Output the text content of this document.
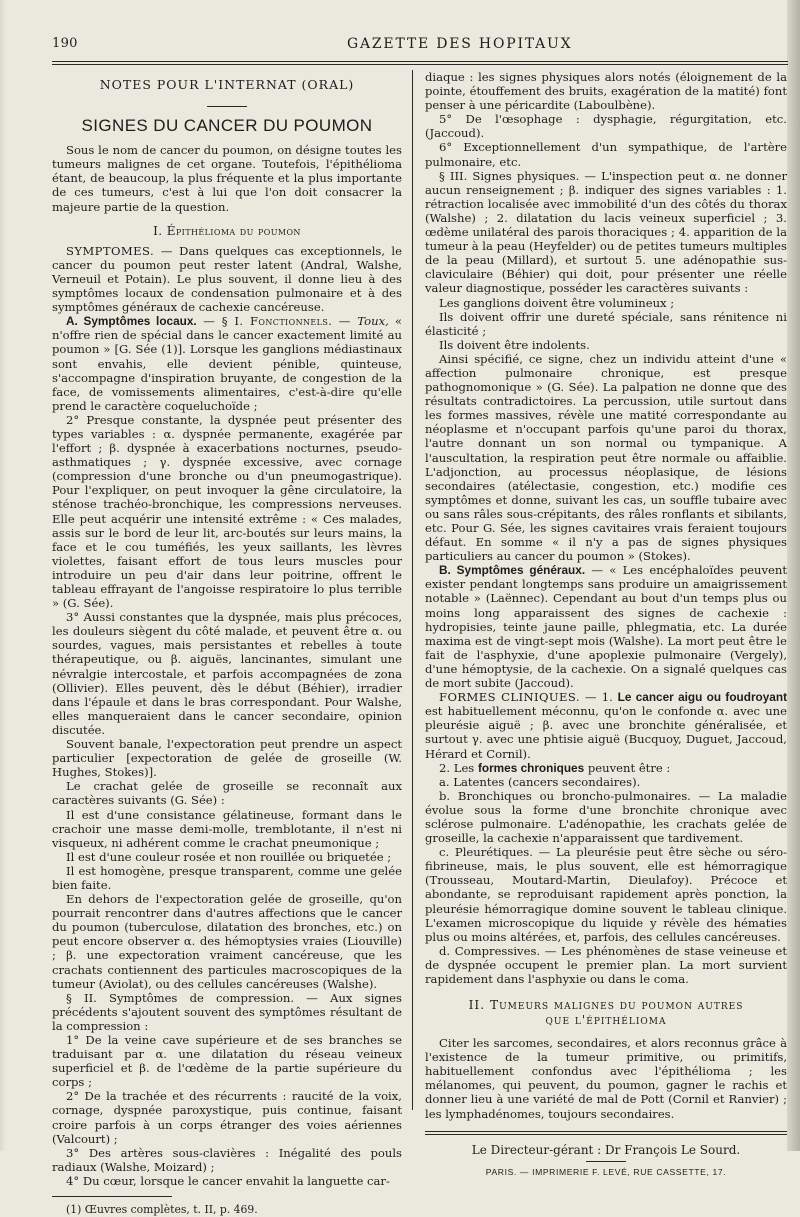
190	GAZETTE DES HOPITAUX
NOTES POUR L'INTERNAT (ORAL)
SIGNES DU CANCER DU POUMON

Sous le nom de cancer du poumon, on désigne toutes les tumeurs malignes de cet organe. Toutefois, l'épithélioma étant, de beaucoup, la plus fréquente et la plus importante de ces tumeurs, c'est à lui que l'on doit consacrer la majeure partie de la question.

I. Épithélioma du poumon

SYMPTOMES. — Dans quelques cas exceptionnels, le cancer du poumon peut rester latent (Andral, Walshe, Verneuil et Potain). Le plus souvent, il donne lieu à des symptômes locaux de condensation pulmonaire et à des symptômes généraux de cachexie cancéreuse.

A. Symptômes locaux. — § I. Fonctionnels. — Toux, « n'offre rien de spécial dans le cancer exactement limité au poumon » [G. Sée (1)]. Lorsque les ganglions médiastinaux sont envahis, elle devient pénible, quinteuse, s'accompagne d'inspiration bruyante, de congestion de la face, de vomissements alimentaires, c'est-à-dire qu'elle prend le caractère coqueluchoïde ;

2° Presque constante, la dyspnée peut présenter des types variables : α. dyspnée permanente, exagérée par l'effort ; β. dyspnée à exacerbations nocturnes, pseudo-asthmatiques ; γ. dyspnée excessive, avec cornage (compression d'une bronche ou d'un pneumogastrique). Pour l'expliquer, on peut invoquer la gêne circulatoire, la sténose trachéo-bronchique, les compressions nerveuses. Elle peut acquérir une intensité extrême : « Ces malades, assis sur le bord de leur lit, arc-boutés sur leurs mains, la face et le cou tuméfiés, les yeux saillants, les lèvres violettes, faisant effort de tous leurs muscles pour introduire un peu d'air dans leur poitrine, offrent le tableau effrayant de l'angoisse respiratoire lo plus terrible » (G. Sée).

3° Aussi constantes que la dyspnée, mais plus précoces, les douleurs siègent du côté malade, et peuvent être α. ou sourdes, vagues, mais persistantes et rebelles à toute thérapeutique, ou β. aiguës, lancinantes, simulant une névralgie intercostale, et parfois accompagnées de zona (Ollivier). Elles peuvent, dès le début (Béhier), irradier dans l'épaule et dans le bras correspondant. Pour Walshe, elles manqueraient dans le cancer secondaire, opinion discutée.

Souvent banale, l'expectoration peut prendre un aspect particulier [expectoration de gelée de groseille (W. Hughes, Stokes)].

Le crachat gelée de groseille se reconnaît aux caractères suivants (G. Sée) :

Il est d'une consistance gélatineuse, formant dans le crachoir une masse demi-molle, tremblotante, il n'est ni visqueux, ni adhérent comme le crachat pneumonique ;

Il est d'une couleur rosée et non rouillée ou briquetée ;

Il est homogène, presque transparent, comme une gelée bien faite.

En dehors de l'expectoration gelée de groseille, qu'on pourrait rencontrer dans d'autres affections que le cancer du poumon (tuberculose, dilatation des bronches, etc.) on peut encore observer α. des hémoptysies vraies (Liouville) ; β. une expectoration vraiment cancéreuse, que les crachats contiennent des particules macroscopiques de la tumeur (Aviolat), ou des cellules cancéreuses (Walshe).

§ II. Symptômes de compression. — Aux signes précédents s'ajoutent souvent des symptômes résultant de la compression :

1° De la veine cave supérieure et de ses branches se traduisant par α. une dilatation du réseau veineux superficiel et β. de l'œdème de la partie supérieure du corps ;

2° De la trachée et des récurrents : raucité de la voix, cornage, dyspnée paroxystique, puis continue, faisant croire parfois à un corps étranger des voies aériennes (Valcourt) ;

3° Des artères sous-clavières : Inégalité des pouls radiaux (Walshe, Moizard) ;

4° Du cœur, lorsque le cancer envahit la languette car-

(1) Œuvres complètes, t. II, p. 469.

diaque : les signes physiques alors notés (éloignement de la pointe, étouffement des bruits, exagération de la matité) font penser à une péricardite (Laboulbène).

5° De l'œsophage : dysphagie, régurgitation, etc. (Jaccoud).

6° Exceptionnellement d'un sympathique, de l'artère pulmonaire, etc.

§ III. Signes physiques. — L'inspection peut α. ne donner aucun renseignement ; β. indiquer des signes variables : 1. rétraction localisée avec immobilité d'un des côtés du thorax (Walshe) ; 2. dilatation du lacis veineux superficiel ; 3. œdème unilatéral des parois thoraciques ; 4. apparition de la tumeur à la peau (Heyfelder) ou de petites tumeurs multiples de la peau (Millard), et surtout 5. une adénopathie sus-claviculaire (Béhier) qui doit, pour présenter une réelle valeur diagnostique, posséder les caractères suivants :

Les ganglions doivent être volumineux ;

Ils doivent offrir une dureté spéciale, sans rénitence ni élasticité ;

Ils doivent être indolents.

Ainsi spécifié, ce signe, chez un individu atteint d'une « affection pulmonaire chronique, est presque pathognomonique » (G. Sée). La palpation ne donne que des résultats contradictoires. La percussion, utile surtout dans les formes massives, révèle une matité correspondante au néoplasme et n'occupant parfois qu'une paroi du thorax, l'autre donnant un son normal ou tympanique. A l'auscultation, la respiration peut être normale ou affaiblie. L'adjonction, au processus néoplasique, de lésions secondaires (atélectasie, congestion, etc.) modifie ces symptômes et donne, suivant les cas, un souffle tubaire avec ou sans râles sous-crépitants, des râles ronflants et sibilants, etc. Pour G. Sée, les signes cavitaires vrais feraient toujours défaut. En somme « il n'y a pas de signes physiques particuliers au cancer du poumon » (Stokes).

B. Symptômes généraux. — « Les encéphaloïdes peuvent exister pendant longtemps sans produire un amaigrissement notable » (Laënnec). Cependant au bout d'un temps plus ou moins long apparaissent des signes de cachexie : hydropisies, teinte jaune paille, phlegmatia, etc. La durée maxima est de vingt-sept mois (Walshe). La mort peut être le fait de l'asphyxie, d'une apoplexie pulmonaire (Vergely), d'une hémoptysie, de la cachexie. On a signalé quelques cas de mort subite (Jaccoud).

FORMES CLINIQUES. — 1. Le cancer aigu ou foudroyant est habituellement méconnu, qu'on le confonde α. avec une pleurésie aiguë ; β. avec une bronchite généralisée, et surtout γ. avec une phtisie aiguë (Bucquoy, Duguet, Jaccoud, Hérard et Cornil).

2. Les formes chroniques peuvent être :

a. Latentes (cancers secondaires).

b. Bronchiques ou broncho-pulmonaires. — La maladie évolue sous la forme d'une bronchite chronique avec sclérose pulmonaire. L'adénopathie, les crachats gelée de groseille, la cachexie n'apparaissent que tardivement.

c. Pleurétiques. — La pleurésie peut être sèche ou séro-fibrineuse, mais, le plus souvent, elle est hémorragique (Trousseau, Moutard-Martin, Dieulafoy). Précoce et abondante, se reproduisant rapidement après ponction, la pleurésie hémorragique domine souvent le tableau clinique. L'examen microscopique du liquide y révèle des hématies plus ou moins altérées, et, parfois, des cellules cancéreuses.

d. Compressives. — Les phénomènes de stase veineuse et de dyspnée occupent le premier plan. La mort survient rapidement dans l'asphyxie ou dans le coma.

II. Tumeurs malignes du poumon autres
que l'épithélioma

Citer les sarcomes, secondaires, et alors reconnus grâce à l'existence de la tumeur primitive, ou primitifs, habituellement confondus avec l'épithélioma ; les mélanomes, qui peuvent, du poumon, gagner le rachis et donner lieu à une variété de mal de Pott (Cornil et Ranvier) ; les lymphadénomes, toujours secondaires.

Le Directeur-gérant : Dr François Le Sourd.
PARIS. — IMPRIMERIE F. LEVÉ, RUE CASSETTE, 17.
